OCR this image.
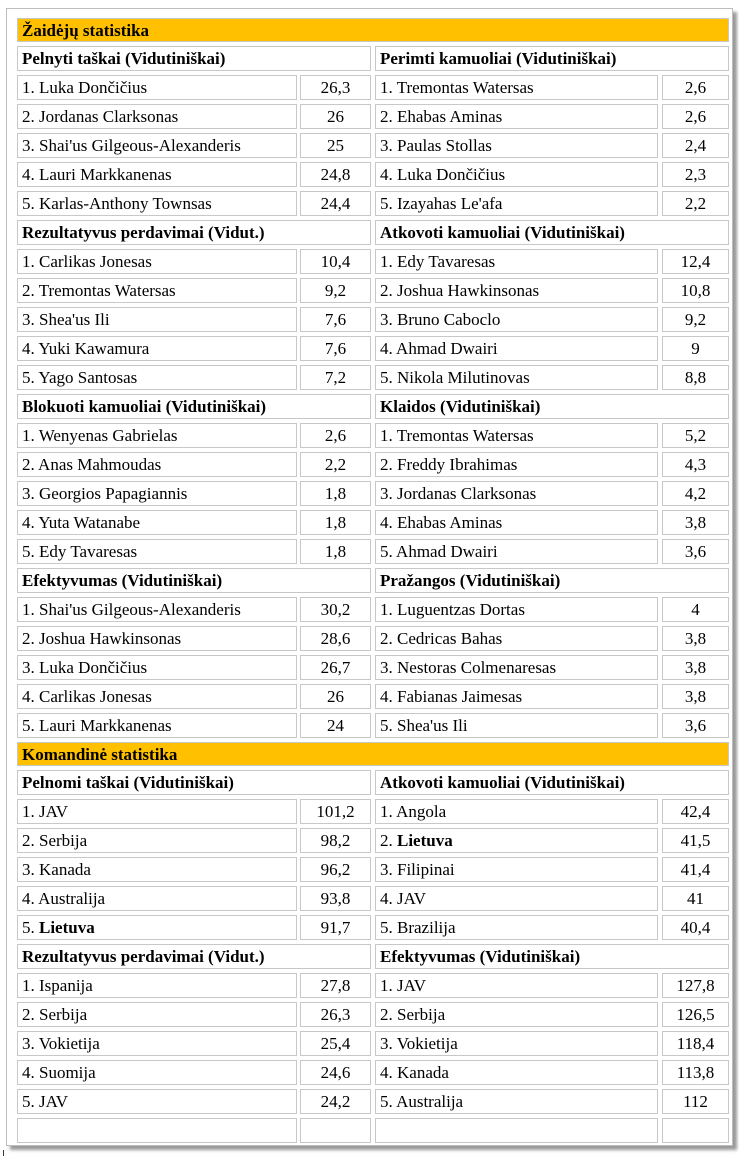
Žaidėjų statistika
Pelnyti taškai (Vidutiniškai)
1. Luka Dončičius	26,3
2. Jordanas Clarksonas	26
3. Shai'us Gilgeous-Alexanderis	25
4. Lauri Markkanenas	24,8
5. Karlas-Anthony Townsas	24,4
Perimti kamuoliai (Vidutiniškai)
1. Tremontas Watersas	2,6
2. Ehabas Aminas	2,6
3. Paulas Stollas	2,4
4. Luka Dončičius	2,3
5. Izayahas Le'afa	2,2
Rezultatyvus perdavimai (Vidut.)
1. Carlikas Jonesas	10,4
2. Tremontas Watersas	9,2
3. Shea'us Ili	7,6
4. Yuki Kawamura	7,6
5. Yago Santosas	7,2
Atkovoti kamuoliai (Vidutiniškai)
1. Edy Tavaresas	12,4
2. Joshua Hawkinsonas	10,8
3. Bruno Caboclo	9,2
4. Ahmad Dwairi	9
5. Nikola Milutinovas	8,8
Blokuoti kamuoliai (Vidutiniškai)
1. Wenyenas Gabrielas	2,6
2. Anas Mahmoudas	2,2
3. Georgios Papagiannis	1,8
4. Yuta Watanabe	1,8
5. Edy Tavaresas	1,8
Klaidos (Vidutiniškai)
1. Tremontas Watersas	5,2
2. Freddy Ibrahimas	4,3
3. Jordanas Clarksonas	4,2
4. Ehabas Aminas	3,8
5. Ahmad Dwairi	3,6
Efektyvumas (Vidutiniškai)
1. Shai'us Gilgeous-Alexanderis	30,2
2. Joshua Hawkinsonas	28,6
3. Luka Dončičius	26,7
4. Carlikas Jonesas	26
5. Lauri Markkanenas	24
Pražangos (Vidutiniškai)
1. Luguentzas Dortas	4
2. Cedricas Bahas	3,8
3. Nestoras Colmenaresas	3,8
4. Fabianas Jaimesas	3,8
5. Shea'us Ili	3,6
Komandinė statistika
Pelnomi taškai (Vidutiniškai)
1. JAV	101,2
2. Serbija	98,2
3. Kanada	96,2
4. Australija	93,8
5. Lietuva	91,7
Atkovoti kamuoliai (Vidutiniškai)
1. Angola	42,4
2. Lietuva	41,5
3. Filipinai	41,4
4. JAV	41
5. Brazilija	40,4
Rezultatyvus perdavimai (Vidut.)
1. Ispanija	27,8
2. Serbija	26,3
3. Vokietija	25,4
4. Suomija	24,6
5. JAV	24,2
Efektyvumas (Vidutiniškai)
1. JAV	127,8
2. Serbija	126,5
3. Vokietija	118,4
4. Kanada	113,8
5. Australija	112
